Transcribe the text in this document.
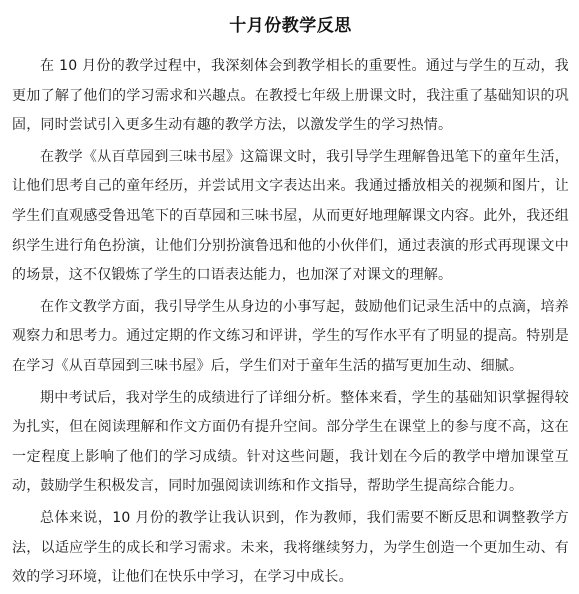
十月份教学反思

在 10 月份的教学过程中，我深刻体会到教学相长的重要性。通过与学生的互动，我更加了解了他们的学习需求和兴趣点。在教授七年级上册课文时，我注重了基础知识的巩固，同时尝试引入更多生动有趣的教学方法，以激发学生的学习热情。

在教学《从百草园到三味书屋》这篇课文时，我引导学生理解鲁迅笔下的童年生活，让他们思考自己的童年经历，并尝试用文字表达出来。我通过播放相关的视频和图片，让学生们直观感受鲁迅笔下的百草园和三味书屋，从而更好地理解课文内容。此外，我还组织学生进行角色扮演，让他们分别扮演鲁迅和他的小伙伴们，通过表演的形式再现课文中的场景，这不仅锻炼了学生的口语表达能力，也加深了对课文的理解。

在作文教学方面，我引导学生从身边的小事写起，鼓励他们记录生活中的点滴，培养观察力和思考力。通过定期的作文练习和评讲，学生的写作水平有了明显的提高。特别是在学习《从百草园到三味书屋》后，学生们对于童年生活的描写更加生动、细腻。

期中考试后，我对学生的成绩进行了详细分析。整体来看，学生的基础知识掌握得较为扎实，但在阅读理解和作文方面仍有提升空间。部分学生在课堂上的参与度不高，这在一定程度上影响了他们的学习成绩。针对这些问题，我计划在今后的教学中增加课堂互动，鼓励学生积极发言，同时加强阅读训练和作文指导，帮助学生提高综合能力。

总体来说，10 月份的教学让我认识到，作为教师，我们需要不断反思和调整教学方法，以适应学生的成长和学习需求。未来，我将继续努力，为学生创造一个更加生动、有效的学习环境，让他们在快乐中学习，在学习中成长。
